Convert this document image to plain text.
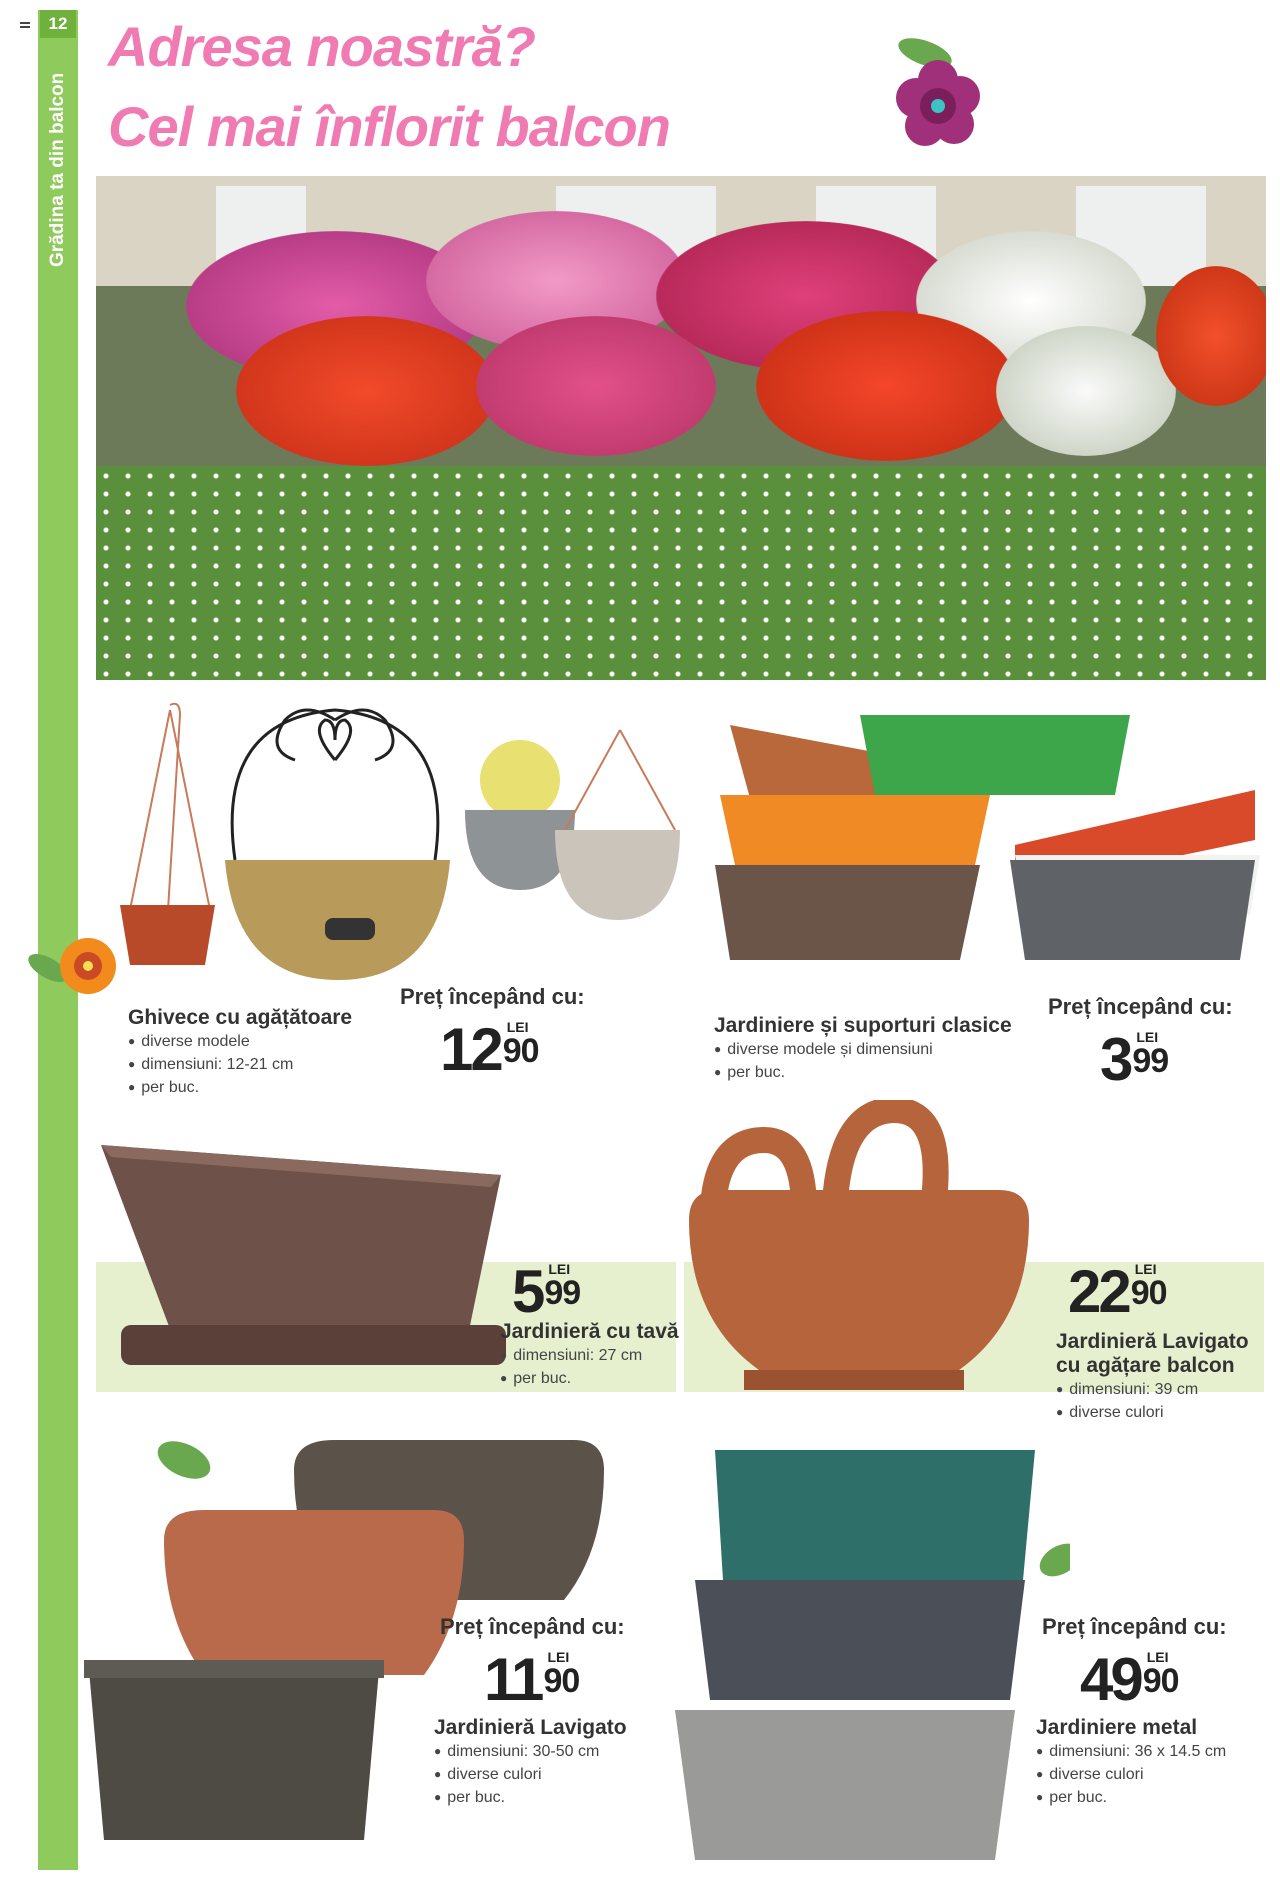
12
Grădina ta din balcon
Adresa noastră?
Cel mai înflorit balcon
Preț începând cu:
12 LEI
90
Ghivece cu agățătoare
● diverse modele
● dimensiuni: 12-21 cm
● per buc.
Jardiniere și suporturi clasice
● diverse modele și dimensiuni
● per buc.
Preț începând cu:
3 LEI
99
5 LEI
99
Jardinieră cu tavă
● dimensiuni: 27 cm
● per buc.
22 LEI
90
Jardinieră Lavigato cu agățare balcon
● dimensiuni: 39 cm
● diverse culori
Preț începând cu:
11 LEI
90
Jardinieră Lavigato
● dimensiuni: 30-50 cm
● diverse culori
● per buc.
Preț începând cu:
49 LEI
90
Jardiniere metal
● dimensiuni: 36 x 14.5 cm
● diverse culori
● per buc.
